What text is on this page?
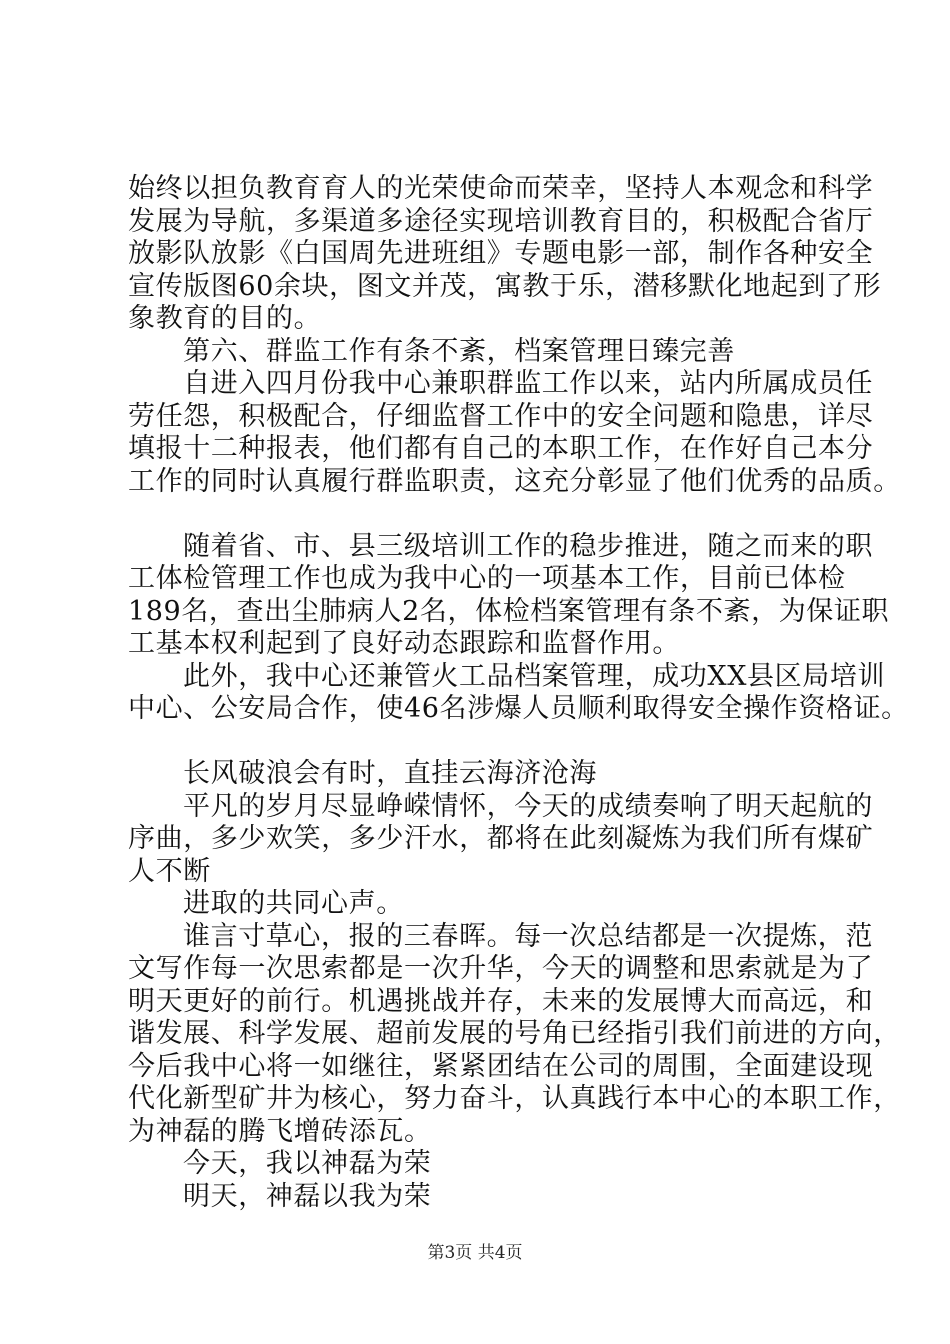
始终以担负教育育人的光荣使命而荣幸，坚持人本观念和科学
发展为导航，多渠道多途径实现培训教育目的，积极配合省厅
放影队放影《白国周先进班组》专题电影一部，制作各种安全
宣传版图60余块，图文并茂，寓教于乐，潜移默化地起到了形
象教育的目的。
第六、群监工作有条不紊，档案管理日臻完善
自进入四月份我中心兼职群监工作以来，站内所属成员任
劳任怨，积极配合，仔细监督工作中的安全问题和隐患，详尽
填报十二种报表，他们都有自己的本职工作，在作好自己本分
工作的同时认真履行群监职责，这充分彰显了他们优秀的品质。
随着省、市、县三级培训工作的稳步推进，随之而来的职
工体检管理工作也成为我中心的一项基本工作，目前已体检
189名，查出尘肺病人2名，体检档案管理有条不紊，为保证职
工基本权利起到了良好动态跟踪和监督作用。
此外，我中心还兼管火工品档案管理，成功XX县区局培训
中心、公安局合作，使46名涉爆人员顺利取得安全操作资格证。
长风破浪会有时，直挂云海济沧海
平凡的岁月尽显峥嵘情怀，今天的成绩奏响了明天起航的
序曲，多少欢笑，多少汗水，都将在此刻凝炼为我们所有煤矿
人不断
进取的共同心声。
谁言寸草心，报的三春晖。每一次总结都是一次提炼，范
文写作每一次思索都是一次升华，今天的调整和思索就是为了
明天更好的前行。机遇挑战并存，未来的发展博大而高远，和
谐发展、科学发展、超前发展的号角已经指引我们前进的方向，
今后我中心将一如继往，紧紧团结在公司的周围，全面建设现
代化新型矿井为核心，努力奋斗，认真践行本中心的本职工作，
为神磊的腾飞增砖添瓦。
今天，我以神磊为荣
明天，神磊以我为荣
第3页 共4页
